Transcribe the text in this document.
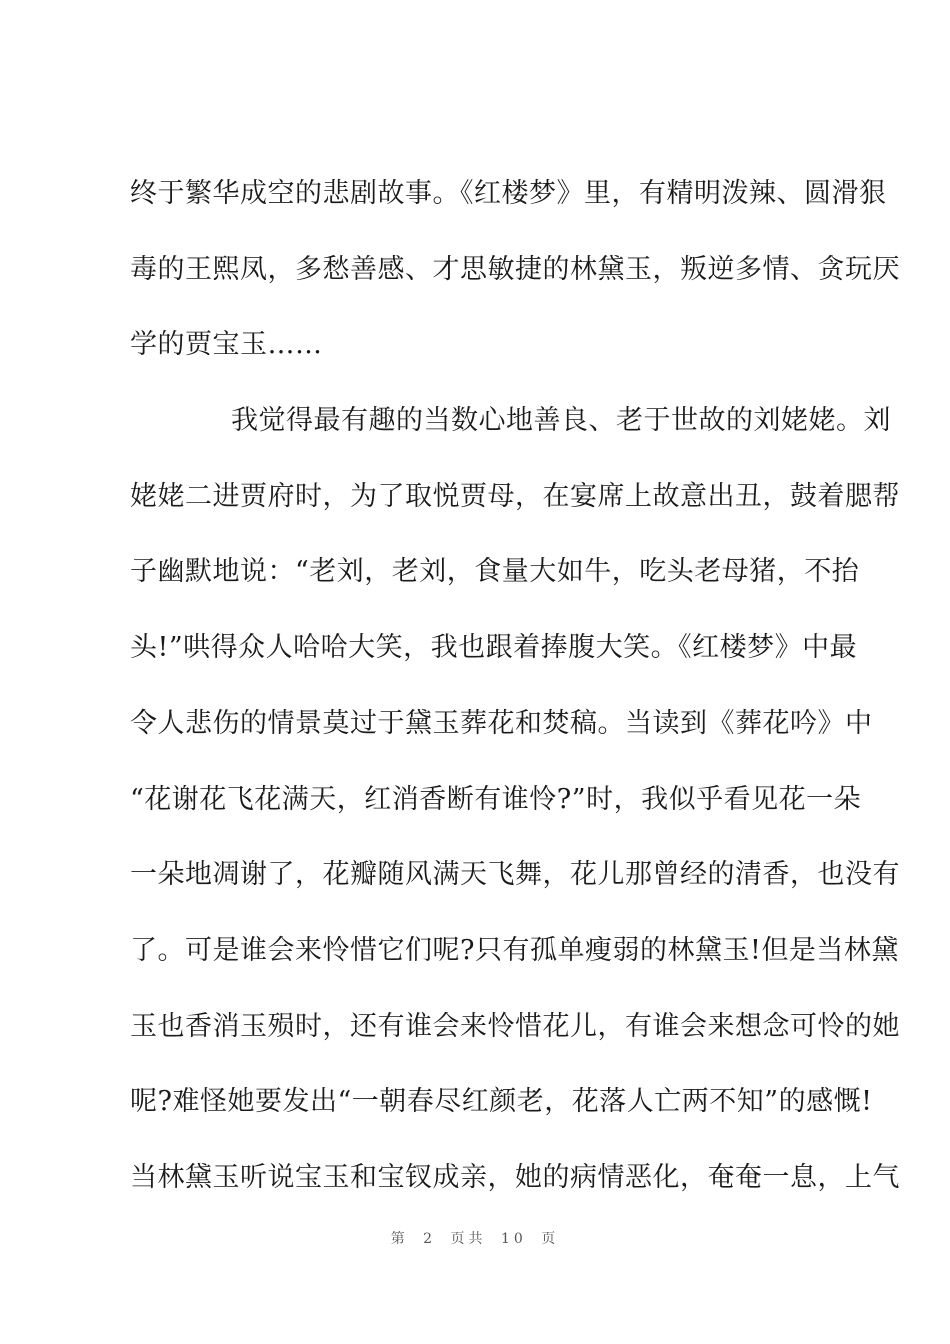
终于繁华成空的悲剧故事。《红楼梦》里，有精明泼辣、圆滑狠
毒的王熙凤，多愁善感、才思敏捷的林黛玉，叛逆多情、贪玩厌
学的贾宝玉……
我觉得最有趣的当数心地善良、老于世故的刘姥姥。刘
姥姥二进贾府时，为了取悦贾母，在宴席上故意出丑，鼓着腮帮
子幽默地说：“老刘，老刘，食量大如牛，吃头老母猪，不抬
头!”哄得众人哈哈大笑，我也跟着捧腹大笑。《红楼梦》中最
令人悲伤的情景莫过于黛玉葬花和焚稿。当读到《葬花吟》中
“花谢花飞花满天，红消香断有谁怜?”时，我似乎看见花一朵
一朵地凋谢了，花瓣随风满天飞舞，花儿那曾经的清香，也没有
了。可是谁会来怜惜它们呢?只有孤单瘦弱的林黛玉!但是当林黛
玉也香消玉殒时，还有谁会来怜惜花儿，有谁会来想念可怜的她
呢?难怪她要发出“一朝春尽红颜老，花落人亡两不知”的感慨!
当林黛玉听说宝玉和宝钗成亲，她的病情恶化，奄奄一息，上气
第 2 页共 10 页
